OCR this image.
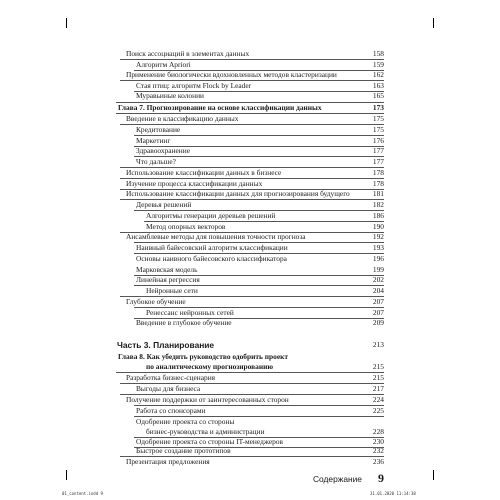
Поиск ассоциаций в элементах данных	158
Алгоритм Apriori	159
Применение биологически вдохновленных методов кластеризации	162
Стая птиц: алгоритм Flock by Leader	163
Муравьиные колонии	165
Глава 7. Прогнозирование на основе классификации данных	173
Введение в классификацию данных	175
Кредитование	175
Маркетинг	176
Здравоохранение	177
Что дальше?	177
Использование классификации данных в бизнесе	178
Изучение процесса классификации данных	178
Использование классификации данных для прогнозирования будущего	181
Деревья решений	182
Алгоритмы генерации деревьев решений	186
Метод опорных векторов	190
Ансамблевые методы для повышения точности прогноза	192
Наивный байесовский алгоритм классификации	193
Основы наивного байесовского классификатора	196
Марковская модель	199
Линейная регрессия	202
Нейронные сети	204
Глубокое обучение	207
Ренессанс нейронных сетей	207
Введение в глубокое обучение	209
Часть 3. Планирование	213
Глава 8. Как убедить руководство одобрить проект
по аналитическому прогнозированию	215
Разработка бизнес-сценария	215
Выгоды для бизнеса	217
Получение поддержки от заинтересованных сторон	224
Работа со спонсорами	225
Одобрение проекта со стороны
бизнес-руководства и администрации	228
Одобрение проекта со стороны IT-менеджеров	230
Быстрое создание прототипов	232
Презентация предложения	236
Содержание 9
01_content.indd 9	31.01.2020 11:14:38
